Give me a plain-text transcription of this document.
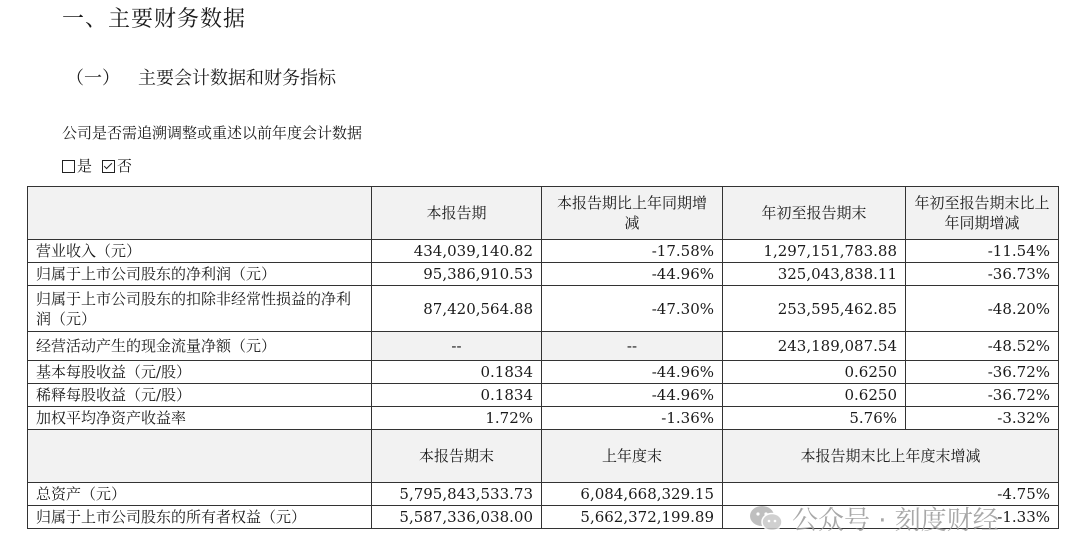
一、主要财务数据
（一） 主要会计数据和财务指标
公司是否需追溯调整或重述以前年度会计数据
是 否
	本报告期	本报告期比上年同期增减	年初至报告期末	年初至报告期末比上年同期增减
营业收入（元）	434,039,140.82	-17.58%	1,297,151,783.88	-11.54%
归属于上市公司股东的净利润（元）	95,386,910.53	-44.96%	325,043,838.11	-36.73%
归属于上市公司股东的扣除非经常性损益的净利润（元）	87,420,564.88	-47.30%	253,595,462.85	-48.20%
经营活动产生的现金流量净额（元）	--	--	243,189,087.54	-48.52%
基本每股收益（元/股）	0.1834	-44.96%	0.6250	-36.72%
稀释每股收益（元/股）	0.1834	-44.96%	0.6250	-36.72%
加权平均净资产收益率	1.72%	-1.36%	5.76%	-3.32%
	本报告期末	上年度末	本报告期末比上年度末增减	
总资产（元）	5,795,843,533.73	6,084,668,329.15	-4.75%	
归属于上市公司股东的所有者权益（元）	5,587,336,038.00	5,662,372,199.89	-1.33%	
公众号 · 刻度财经
